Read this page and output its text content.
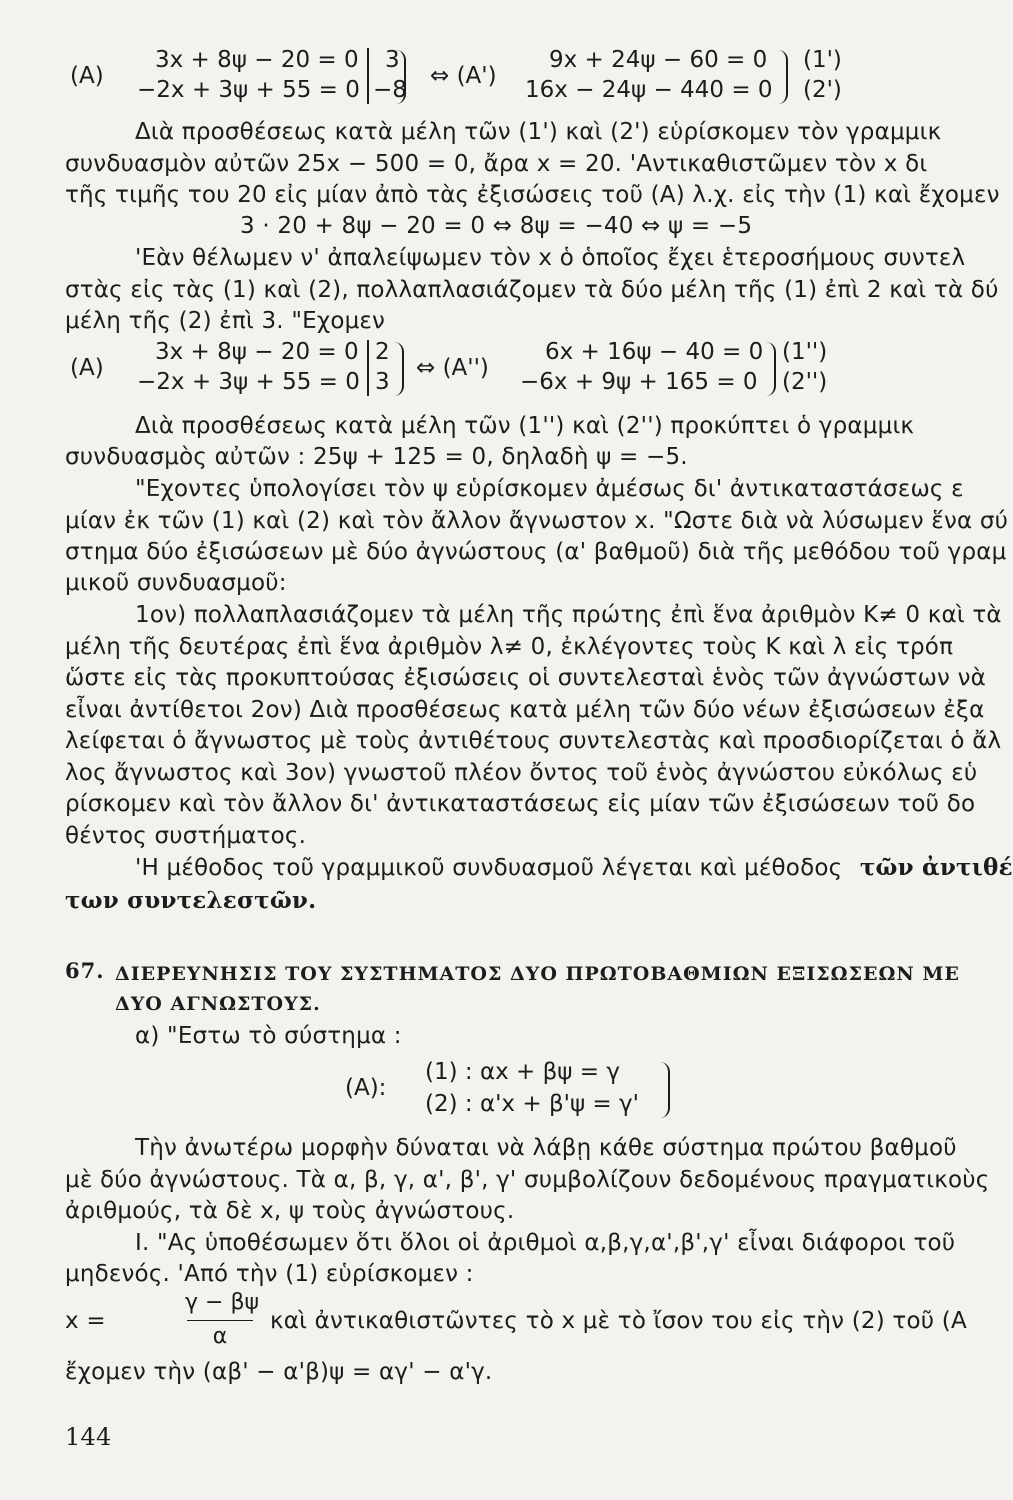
(A)
3x + 8ψ − 20 = 0
−2x + 3ψ + 55 = 0
3
−8
⇔ (A')
9x + 24ψ − 60 = 0
16x − 24ψ − 440 = 0
(1')
(2')
Διὰ προσθέσεως κατὰ μέλη τῶν (1') καὶ (2') εὑρίσκομεν τὸν γραμμικ
συνδυασμὸν αὐτῶν 25x − 500 = 0, ἄρα x = 20. 'Αντικαθιστῶμεν τὸν x δι
τῆς τιμῆς του 20 εἰς μίαν ἀπὸ τὰς ἐξισώσεις τοῦ (A) λ.χ. εἰς τὴν (1) καὶ ἔχομεν
3 · 20 + 8ψ − 20 = 0 ⇔ 8ψ = −40 ⇔ ψ = −5
'Εὰν θέλωμεν ν' ἀπαλείψωμεν τὸν x ὁ ὁποῖος ἔχει ἑτεροσήμους συντελ
στὰς εἰς τὰς (1) καὶ (2), πολλαπλασιάζομεν τὰ δύο μέλη τῆς (1) ἐπὶ 2 καὶ τὰ δύ
μέλη τῆς (2) ἐπὶ 3. "Εχομεν
(A)
3x + 8ψ − 20 = 0
−2x + 3ψ + 55 = 0
2
3
⇔ (A'')
6x + 16ψ − 40 = 0
−6x + 9ψ + 165 = 0
(1'')
(2'')
Διὰ προσθέσεως κατὰ μέλη τῶν (1'') καὶ (2'') προκύπτει ὁ γραμμικ
συνδυασμὸς αὐτῶν : 25ψ + 125 = 0, δηλαδὴ ψ = −5.
"Εχοντες ὑπολογίσει τὸν ψ εὑρίσκομεν ἀμέσως δι' ἀντικαταστάσεως ε
μίαν ἐκ τῶν (1) καὶ (2) καὶ τὸν ἄλλον ἄγνωστον x. "Ωστε διὰ νὰ λύσωμεν ἕνα σύ
στημα δύο ἐξισώσεων μὲ δύο ἀγνώστους (α' βαθμοῦ) διὰ τῆς μεθόδου τοῦ γραμ
μικοῦ συνδυασμοῦ:
1ον) πολλαπλασιάζομεν τὰ μέλη τῆς πρώτης ἐπὶ ἕνα ἀριθμὸν K≠ 0 καὶ τὰ
μέλη τῆς δευτέρας ἐπὶ ἕνα ἀριθμὸν λ≠ 0, ἐκλέγοντες τοὺς K καὶ λ εἰς τρόπ
ὥστε εἰς τὰς προκυπτούσας ἐξισώσεις οἱ συντελεσταὶ ἑνὸς τῶν ἀγνώστων νὰ
εἶναι ἀντίθετοι 2ον) Διὰ προσθέσεως κατὰ μέλη τῶν δύο νέων ἐξισώσεων ἐξα
λείφεται ὁ ἄγνωστος μὲ τοὺς ἀντιθέτους συντελεστὰς καὶ προσδιορίζεται ὁ ἄλ
λος ἄγνωστος καὶ 3ον) γνωστοῦ πλέον ὄντος τοῦ ἑνὸς ἀγνώστου εὐκόλως εὑ
ρίσκομεν καὶ τὸν ἄλλον δι' ἀντικαταστάσεως εἰς μίαν τῶν ἐξισώσεων τοῦ δο
θέντος συστήματος.
'Η μέθοδος τοῦ γραμμικοῦ συνδυασμοῦ λέγεται καὶ μέθοδος τῶν ἀντιθέ
των συντελεστῶν.
67. ΔΙΕΡΕΥΝΗΣΙΣ ΤΟΥ ΣΥΣΤΗΜΑΤΟΣ ΔΥΟ ΠΡΩΤΟΒΑΘΜΙΩΝ ΕΞΙΣΩΣΕΩΝ ΜΕ
ΔΥΟ ΑΓΝΩΣΤΟΥΣ.
α) "Εστω τὸ σύστημα :
(A):
(1) : αx + βψ = γ
(2) : α'x + β'ψ = γ'
Τὴν ἀνωτέρω μορφὴν δύναται νὰ λάβῃ κάθε σύστημα πρώτου βαθμοῦ
μὲ δύο ἀγνώστους. Τὰ α, β, γ, α', β', γ' συμβολίζουν δεδομένους πραγματικοὺς
ἀριθμούς, τὰ δὲ x, ψ τοὺς ἀγνώστους.
Ι. "Ας ὑποθέσωμεν ὅτι ὅλοι οἱ ἀριθμοὶ α,β,γ,α',β',γ' εἶναι διάφοροι τοῦ
μηδενός. 'Από τὴν (1) εὑρίσκομεν :
x =
γ − βψ
α
καὶ ἀντικαθιστῶντες τὸ x μὲ τὸ ἴσον του εἰς τὴν (2) τοῦ (A
ἔχομεν τὴν (αβ' − α'β)ψ = αγ' − α'γ.
144
